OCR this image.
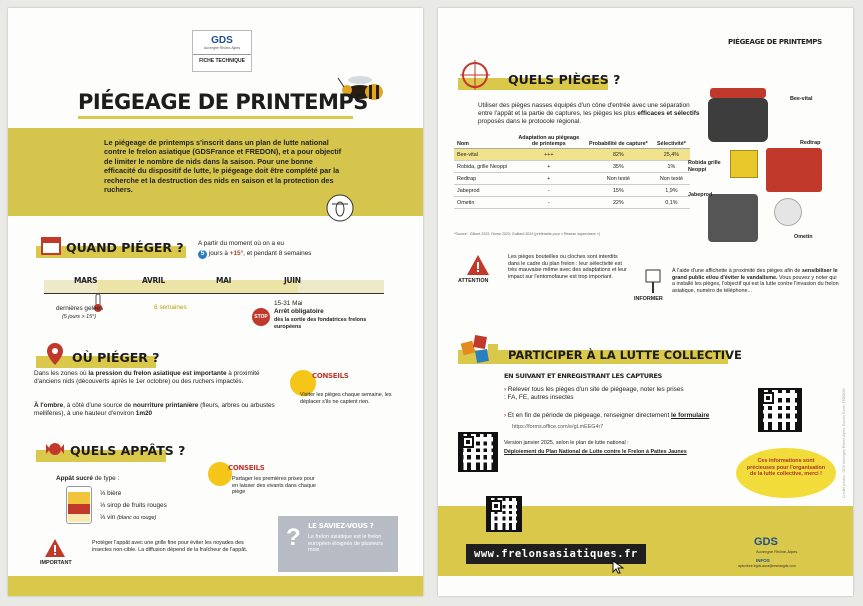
GDS
Auvergne Rhône-Alpes
FICHE TECHNIQUE
PIÉGEAGE DE PRINTEMPS
Le piégeage de printemps s'inscrit dans un plan de lutte national contre le frelon asiatique (GDSFrance et FREDON), et a pour objectif de limiter le nombre de nids dans la saison. Pour une bonne efficacité du dispositif de lutte, le piégeage doit être complété par la recherche et la destruction des nids en saison et la protection des ruchers.
QUAND PIÉGER ? A partir du moment où on a eu
5 jours à +15°, et pendant 8 semaines
MARS	AVRIL	MAI	JUIN
dernières gelées
(5 jours > 15°)
8 semaines
STOP
15-31 Mai
Arrêt obligatoire
dès la sortie des fondatrices frelons européens
OÙ PIÉGER ?
Dans les zones où la pression du frelon asiatique est importante à proximité d'anciens nids (découverts après le 1er octobre) ou des ruchers impactés.
À l'ombre, à côté d'une source de nourriture printanière (fleurs, arbres ou arbustes mellifères), à une hauteur d'environ 1m20
CONSEILS
Visiter les pièges chaque semaine, les déplacer s'ils ne captent rien.
QUELS APPÂTS ?
Appât sucré de type :
⅓ bière
⅓ sirop de fruits rouges
⅓ vin (blanc ou rouge)
CONSEILS
Partager les premières prises pour en laisser des vivants dans chaque piège
IMPORTANT
Protéger l'appât avec une grille fine pour éviter les noyades des insectes non-cible. La diffusion dépend de la fraîcheur de l'appât.	? LE SAVIEZ-VOUS ?
Le frelon asiatique est le frelon européen éloignés de plusieurs mois
PIÉGEAGE DE PRINTEMPS
QUELS PIÈGES ?
Utiliser des pièges nasses équipés d'un cône d'entrée avec une séparation entre l'appât et la partie de captures, les pièges les plus efficaces et sélectifs proposés dans le protocole régional.
Nom	Adaptation au piégeage de printemps	Probabilité de capture*	Sélectivité*
Bee-vital	+++	82%	25,4%
Robida, grille Neoppi	+	35%	1%
Redtrap	+	Non testé	Non testé
Jabeprod	-	15%	1,9%
Ometin	-	22%	0,1%
*Source : Gilbert 2022; Rome 2023; Guillard 2024 (préférable pour « Réseau superviseur »)
Bee-vital
Redtrap
Robida grille Neoppi
Jabeprod
Ometin
ATTENTION
Les pièges bouteilles ou cloches sont interdits dans le cadre du plan frelon : leur sélectivité est très mauvaise même avec des adaptations et leur impact sur l'entomofaune est trop important.
INFORMER
À l'aide d'une affichette à proximité des pièges afin de sensibiliser le grand public et/ou d'éviter le vandalisme. Vous pouvez y noter qui a installé les pièges, l'objectif qui est la lutte contre l'invasion du frelon asiatique, numéro de téléphone...
PARTICIPER À LA LUTTE COLLECTIVE
EN SUIVANT ET ENREGISTRANT LES CAPTURES
› Relever tous les pièges d'un site de piégeage, noter les prises : FA, FE, autres insectes
› Et en fin de période de piégeage, renseigner directement le formulaire
https://forms.office.com/e/gLmEEG4r7
Version janvier 2025, selon le plan de lutte national :
Déploiement du Plan National de Lutte contre le Frelon à Pattes Jaunes
Ces informations sont précieuses pour l'organisation de la lutte collective, merci !	Crédits photos : GDS Auvergne Rhône-Alpes, Rucher Ecole, FREDON
www.frelonsasiatiques.fr
GDS
Auvergne Rhône-Alpes
INFOS
apiculture.frgds-aura@reseaugds.com
